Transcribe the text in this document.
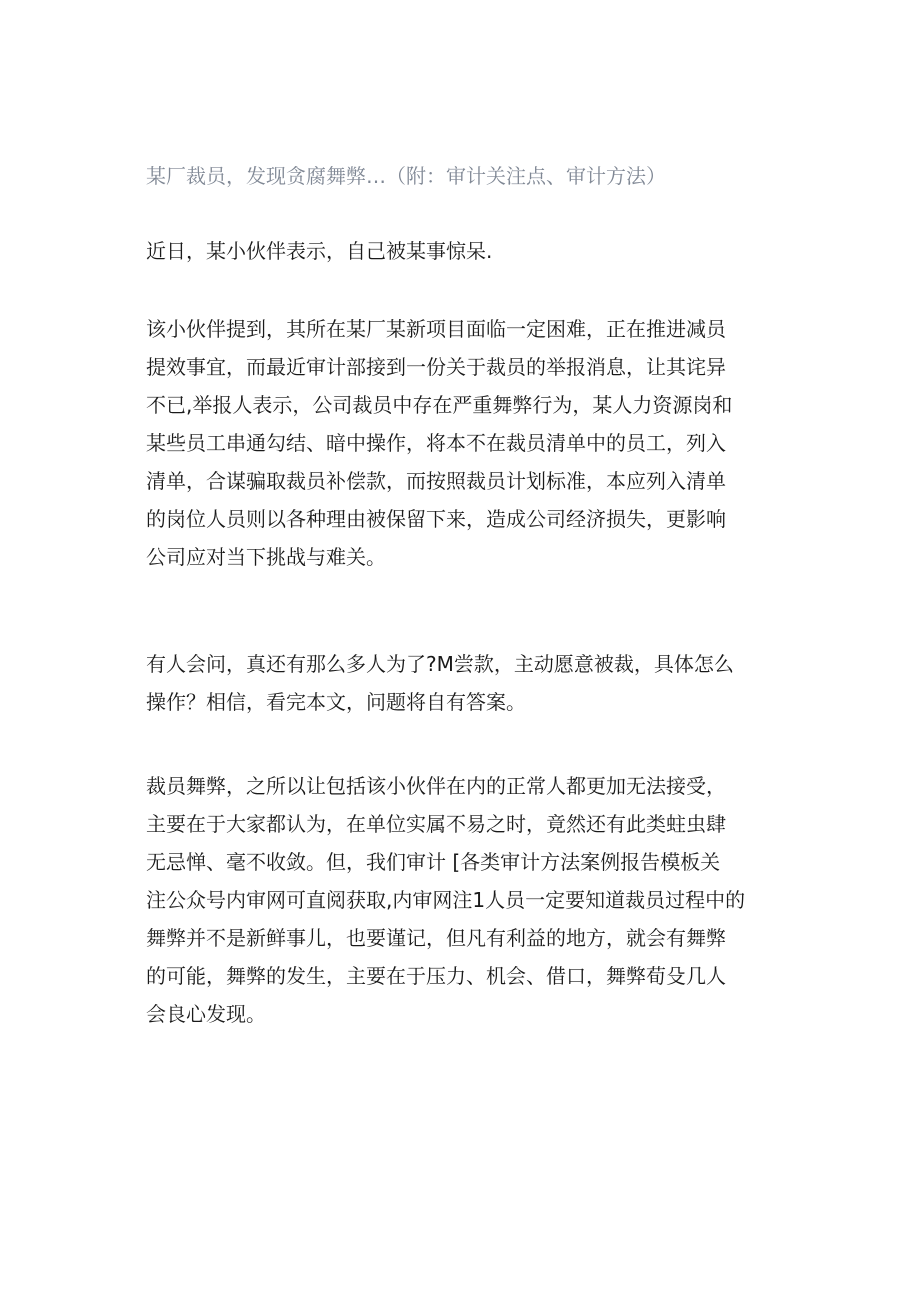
某厂裁员，发现贪腐舞弊…（附：审计关注点、审计方法）
近日，某小伙伴表示，自己被某事惊呆.
该小伙伴提到，其所在某厂某新项目面临一定困难，正在推进减员
提效事宜，而最近审计部接到一份关于裁员的举报消息，让其诧异
不已,举报人表示，公司裁员中存在严重舞弊行为，某人力资源岗和
某些员工串通勾结、暗中操作，将本不在裁员清单中的员工，列入
清单，合谋骗取裁员补偿款，而按照裁员计划标准，本应列入清单
的岗位人员则以各种理由被保留下来，造成公司经济损失，更影响
公司应对当下挑战与难关。
有人会问，真还有那么多人为了?M尝款，主动愿意被裁，具体怎么
操作？相信，看完本文，问题将自有答案。
裁员舞弊，之所以让包括该小伙伴在内的正常人都更加无法接受，
主要在于大家都认为，在单位实属不易之时，竟然还有此类蛀虫肆
无忌惮、毫不收敛。但，我们审计 [各类审计方法案例报告模板关
注公众号内审网可直阅获取,内审网注1人员一定要知道裁员过程中的
舞弊并不是新鲜事儿，也要谨记，但凡有利益的地方，就会有舞弊
的可能，舞弊的发生，主要在于压力、机会、借口，舞弊荀殳几人
会良心发现。
